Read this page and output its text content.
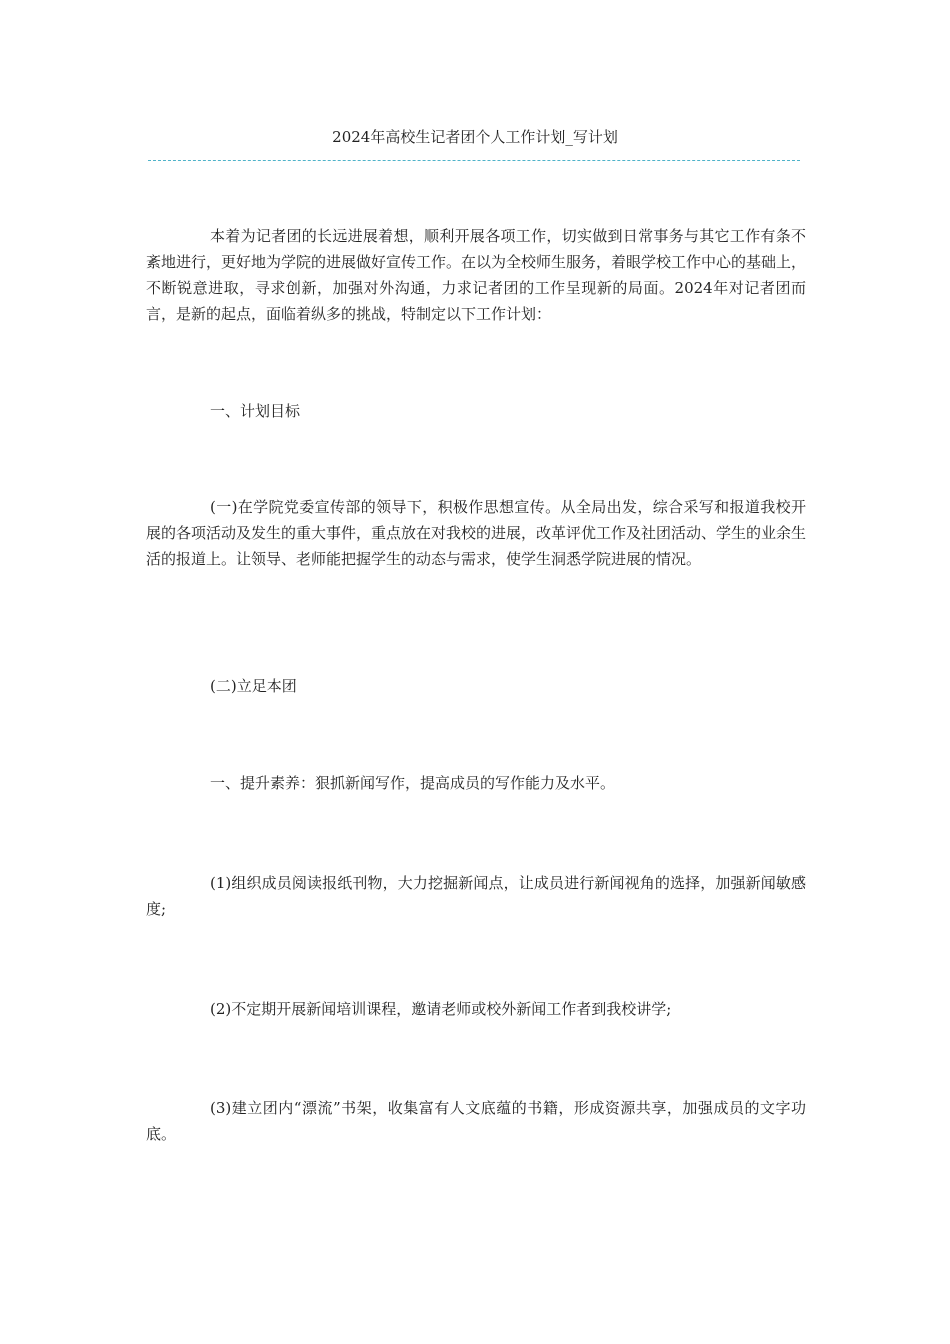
2024年高校生记者团个人工作计划_写计划

本着为记者团的长远进展着想，顺利开展各项工作，切实做到日常事务与其它工作有条不紊地进行，更好地为学院的进展做好宣传工作。在以为全校师生服务，着眼学校工作中心的基础上，不断锐意进取，寻求创新，加强对外沟通，力求记者团的工作呈现新的局面。2024年对记者团而言，是新的起点，面临着纵多的挑战，特制定以下工作计划：

一、计划目标

(一)在学院党委宣传部的领导下，积极作思想宣传。从全局出发，综合采写和报道我校开展的各项活动及发生的重大事件，重点放在对我校的进展，改革评优工作及社团活动、学生的业余生活的报道上。让领导、老师能把握学生的动态与需求，使学生洞悉学院进展的情况。

(二)立足本团

一、提升素养：狠抓新闻写作，提高成员的写作能力及水平。

(1)组织成员阅读报纸刊物，大力挖掘新闻点，让成员进行新闻视角的选择，加强新闻敏感度;

(2)不定期开展新闻培训课程，邀请老师或校外新闻工作者到我校讲学;

(3)建立团内“漂流”书架，收集富有人文底蕴的书籍，形成资源共享，加强成员的文字功底。
